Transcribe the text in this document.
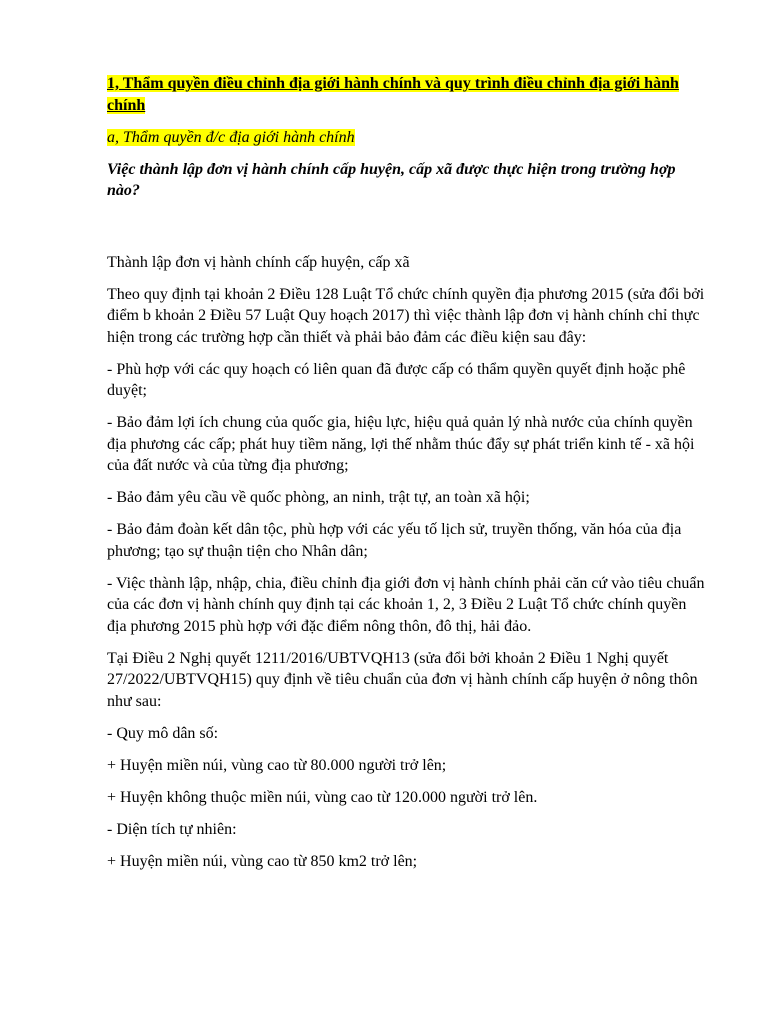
1, Thẩm quyền điều chỉnh địa giới hành chính và quy trình điều chỉnh địa giới hành chính

a, Thẩm quyền đ/c địa giới hành chính

Việc thành lập đơn vị hành chính cấp huyện, cấp xã được thực hiện trong trường hợp nào?

Thành lập đơn vị hành chính cấp huyện, cấp xã

Theo quy định tại khoản 2 Điều 128 Luật Tổ chức chính quyền địa phương 2015 (sửa đổi bởi điểm b khoản 2 Điều 57 Luật Quy hoạch 2017) thì việc thành lập đơn vị hành chính chỉ thực hiện trong các trường hợp cần thiết và phải bảo đảm các điều kiện sau đây:

- Phù hợp với các quy hoạch có liên quan đã được cấp có thẩm quyền quyết định hoặc phê duyệt;

- Bảo đảm lợi ích chung của quốc gia, hiệu lực, hiệu quả quản lý nhà nước của chính quyền địa phương các cấp; phát huy tiềm năng, lợi thế nhằm thúc đẩy sự phát triển kinh tế - xã hội của đất nước và của từng địa phương;

- Bảo đảm yêu cầu về quốc phòng, an ninh, trật tự, an toàn xã hội;

- Bảo đảm đoàn kết dân tộc, phù hợp với các yếu tố lịch sử, truyền thống, văn hóa của địa phương; tạo sự thuận tiện cho Nhân dân;

- Việc thành lập, nhập, chia, điều chỉnh địa giới đơn vị hành chính phải căn cứ vào tiêu chuẩn của các đơn vị hành chính quy định tại các khoản 1, 2, 3 Điều 2 Luật Tổ chức chính quyền địa phương 2015 phù hợp với đặc điểm nông thôn, đô thị, hải đảo.

Tại Điều 2 Nghị quyết 1211/2016/UBTVQH13 (sửa đổi bởi khoản 2 Điều 1 Nghị quyết 27/2022/UBTVQH15) quy định về tiêu chuẩn của đơn vị hành chính cấp huyện ở nông thôn như sau:

- Quy mô dân số:

+ Huyện miền núi, vùng cao từ 80.000 người trở lên;

+ Huyện không thuộc miền núi, vùng cao từ 120.000 người trở lên.

- Diện tích tự nhiên:

+ Huyện miền núi, vùng cao từ 850 km2 trở lên;
